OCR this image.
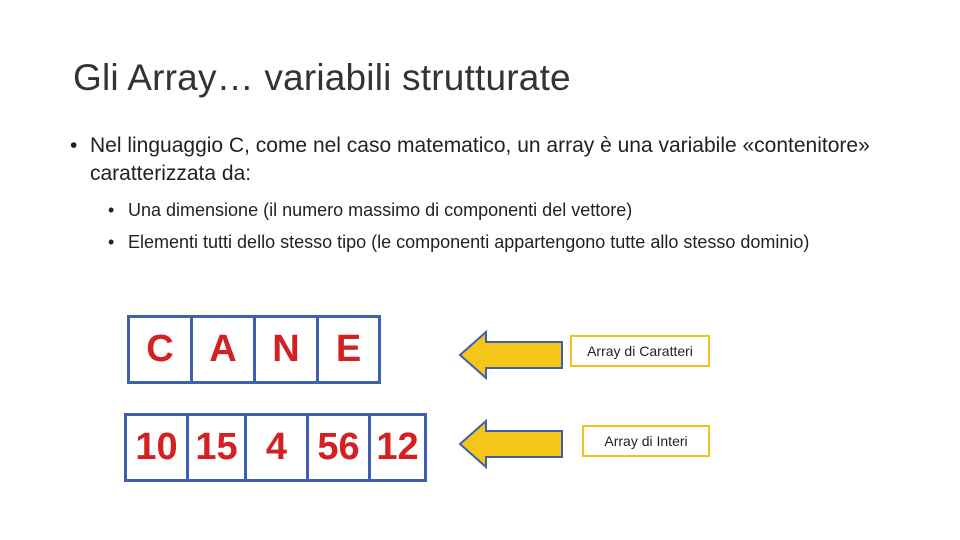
Gli Array… variabili strutturate
• Nel linguaggio C, come nel caso matematico, un array è una variabile «contenitore» caratterizzata da:
• Una dimensione (il numero massimo di componenti del vettore)
• Elementi tutti dello stesso tipo (le componenti appartengono tutte allo stesso dominio)
C A N E
10 15 4 56 12
Array di Caratteri
Array di Interi
